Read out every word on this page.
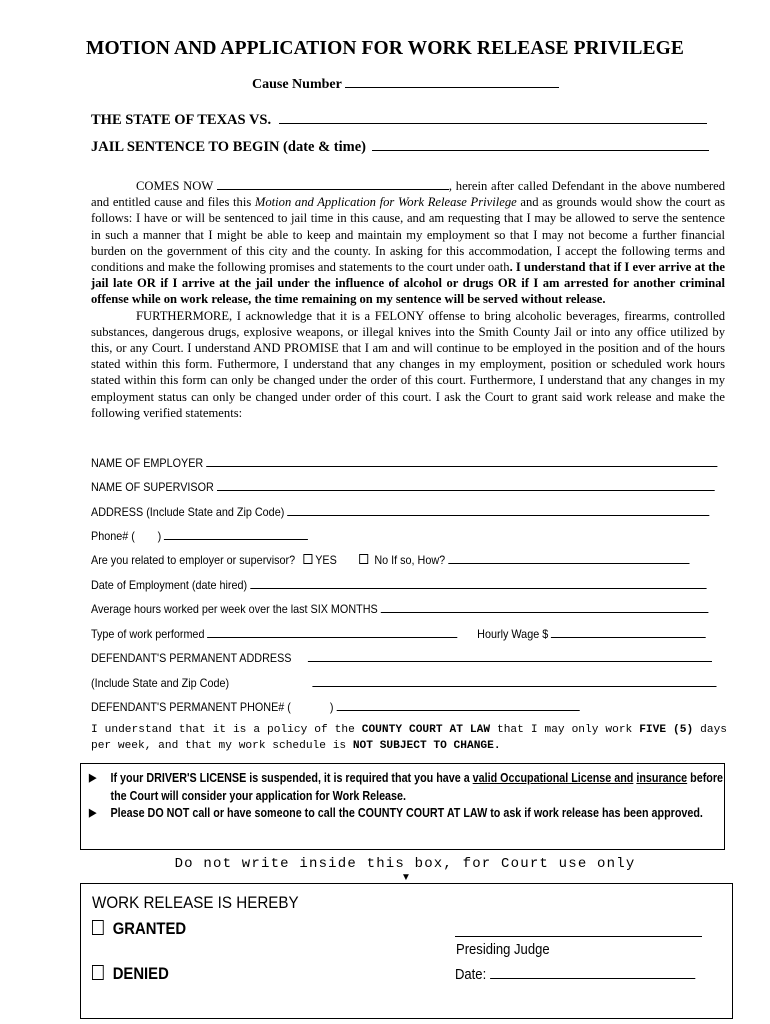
MOTION AND APPLICATION FOR WORK RELEASE PRIVILEGE
Cause Number
THE STATE OF TEXAS VS.
JAIL SENTENCE TO BEGIN (date & time)

COMES NOW	, herein after called Defendant in the above numbered and entitled cause and files this Motion and Application for Work Release Privilege and as grounds would show the court as follows: I have or will be sentenced to jail time in this cause, and am requesting that I may be allowed to serve the sentence in such a manner that I might be able to keep and maintain my employment so that I may not become a further financial burden on the government of this city and the county. In asking for this accommodation, I accept the following terms and conditions and make the following promises and statements to the court under oath. I understand that if I ever arrive at the jail late OR if I arrive at the jail under the influence of alcohol or drugs OR if I am arrested for another criminal offense while on work release, the time remaining on my sentence will be served without release.

FURTHERMORE, I acknowledge that it is a FELONY offense to bring alcoholic beverages, firearms, controlled substances, dangerous drugs, explosive weapons, or illegal knives into the Smith County Jail or into any office utilized by this, or any Court. I understand AND PROMISE that I am and will continue to be employed in the position and of the hours stated within this form. Futhermore, I understand that any changes in my employment, position or scheduled work hours stated within this form can only be changed under the order of this court. Furthermore, I understand that any changes in my employment status can only be changed under order of this court. I ask the Court to grant said work release and make the following verified statements:

NAME OF EMPLOYER
NAME OF SUPERVISOR
ADDRESS (Include State and Zip Code)
Phone# ( )
Are you related to employer or supervisor? YES	No If so, How?
Date of Employment (date hired)
Average hours worked per week over the last SIX MONTHS
Type of work performed	Hourly Wage $
DEFENDANT'S PERMANENT ADDRESS
(Include State and Zip Code)
DEFENDANT'S PERMANENT PHONE# (	)
I understand that it is a policy of the COUNTY COURT AT LAW that I may only work FIVE (5) days per week, and that my work schedule is NOT SUBJECT TO CHANGE.
▶ If your DRIVER'S LICENSE is suspended, it is required that you have a valid Occupational License and insurance before the Court will consider your application for Work Release.
▶ Please DO NOT call or have someone to call the COUNTY COURT AT LAW to ask if work release has been approved.
Do not write inside this box, for Court use only
▼
WORK RELEASE IS HEREBY
GRANTED
DENIED
Presiding Judge
Date:
